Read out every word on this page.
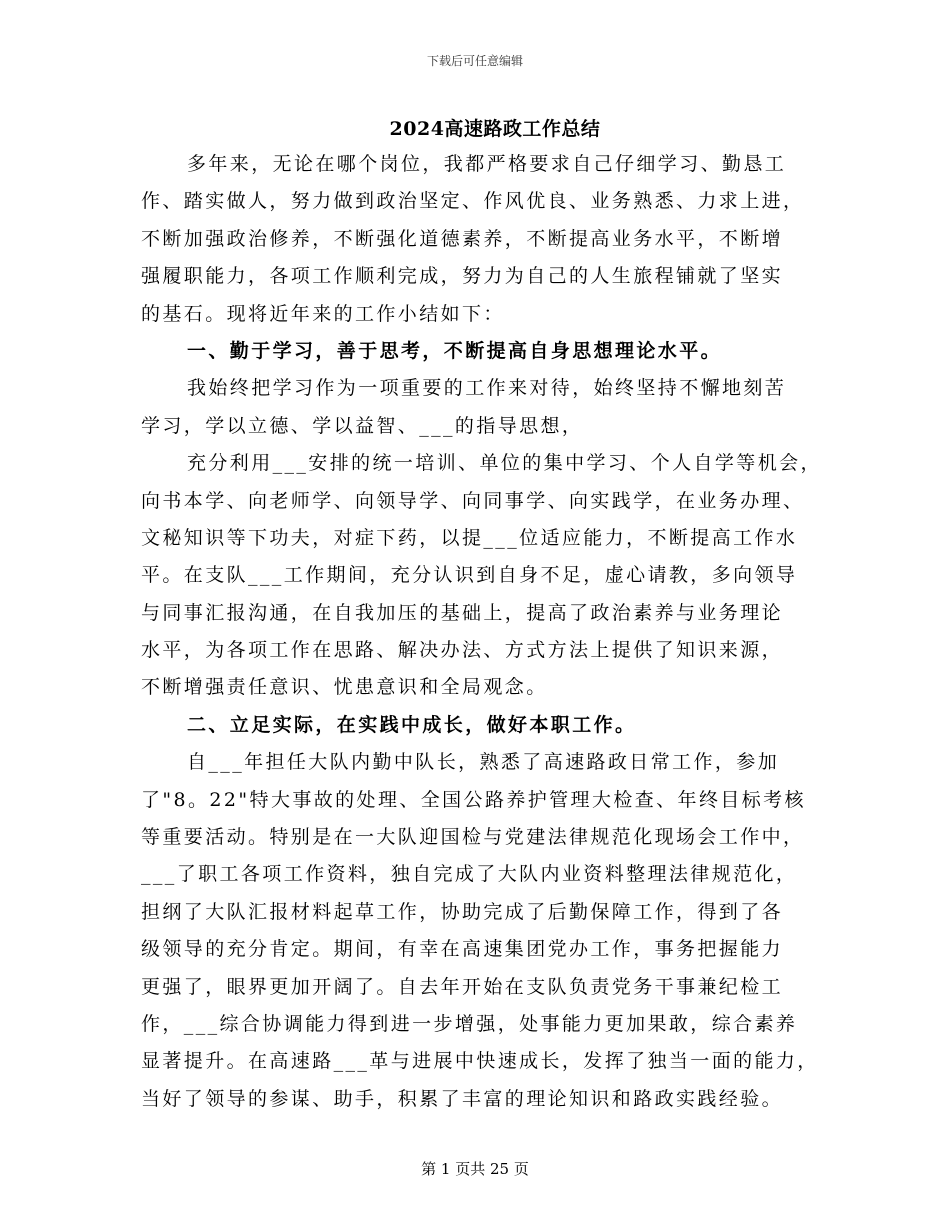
下载后可任意编辑
2024高速路政工作总结
多年来，无论在哪个岗位，我都严格要求自己仔细学习、勤恳工
作、踏实做人，努力做到政治坚定、作风优良、业务熟悉、力求上进，
不断加强政治修养，不断强化道德素养，不断提高业务水平，不断增
强履职能力，各项工作顺利完成，努力为自己的人生旅程铺就了坚实
的基石。现将近年来的工作小结如下：
一、勤于学习，善于思考，不断提高自身思想理论水平。
我始终把学习作为一项重要的工作来对待，始终坚持不懈地刻苦
学习，学以立德、学以益智、___的指导思想，
充分利用___安排的统一培训、单位的集中学习、个人自学等机会，
向书本学、向老师学、向领导学、向同事学、向实践学，在业务办理、
文秘知识等下功夫，对症下药，以提___位适应能力，不断提高工作水
平。在支队___工作期间，充分认识到自身不足，虚心请教，多向领导
与同事汇报沟通，在自我加压的基础上，提高了政治素养与业务理论
水平，为各项工作在思路、解决办法、方式方法上提供了知识来源，
不断增强责任意识、忧患意识和全局观念。
二、立足实际，在实践中成长，做好本职工作。
自___年担任大队内勤中队长，熟悉了高速路政日常工作，参加
了"8。22"特大事故的处理、全国公路养护管理大检查、年终目标考核
等重要活动。特别是在一大队迎国检与党建法律规范化现场会工作中，
___了职工各项工作资料，独自完成了大队内业资料整理法律规范化，
担纲了大队汇报材料起草工作，协助完成了后勤保障工作，得到了各
级领导的充分肯定。期间，有幸在高速集团党办工作，事务把握能力
更强了，眼界更加开阔了。自去年开始在支队负责党务干事兼纪检工
作，___综合协调能力得到进一步增强，处事能力更加果敢，综合素养
显著提升。在高速路___革与进展中快速成长，发挥了独当一面的能力，
当好了领导的参谋、助手，积累了丰富的理论知识和路政实践经验。
第 1 页共 25 页
